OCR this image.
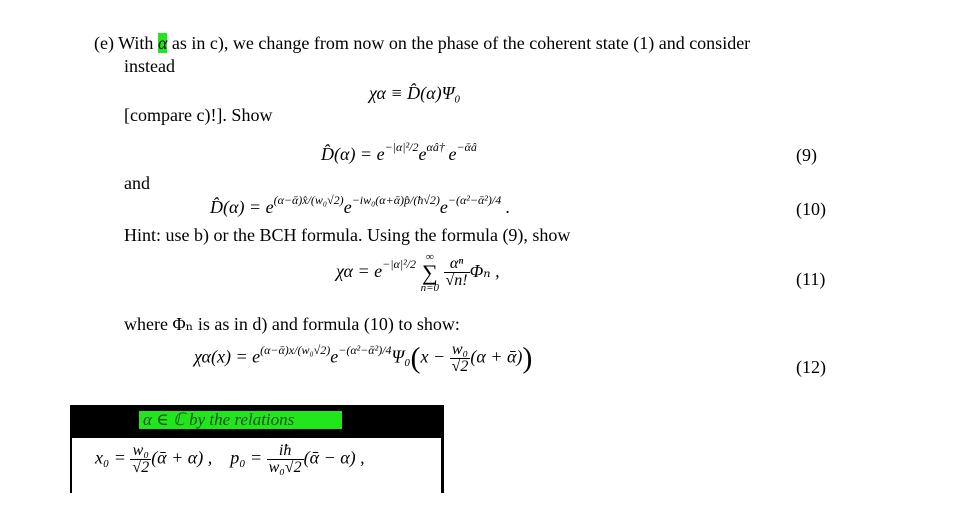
(e) With α as in c), we change from now on the phase of the coherent state (1) and consider
instead
χα ≡ D̂(α)Ψ₀
[compare c)!]. Show
D̂(α) = $e^{-|\alpha|^2/2}e^{\alpha â\dagger}$  $e^{-ᾱâ}$	(9)
and
D̂(α) = $e^{(\alpha-ᾱ)x̂/(w_0√2)}e^{-iw_0(\alpha+ᾱ)p̂/(ħ√2)}e^{-(\alpha^2-ᾱ^2)/4}$ .	(10)
Hint: use b) or the BCH formula. Using the formula (9), show
$\chi\alpha = e^{-|\alpha|^2/2}$
∞
∑
n=0
$\frac{\text{αⁿ}}{√n!}$ Φₙ ,	(11)
where Φₙ is as in d) and formula (10) to show:
$\chi\alpha(x) = e^{(\alpha-ᾱ)x/(w_0√2)}e^{-(\alpha^2-ᾱ^2)/4}\Psi_0(x - \frac{\text{w₀}}{√2} (\alpha$ + ᾱ))	(12)
α ∈ ℂ by the relations
$x_0 = \frac{\text{w₀}}{√2}$ (ᾱ + α) ,  $p_0 = \frac{iħ}{\text{w₀√2}}$ (ᾱ − α) ,
